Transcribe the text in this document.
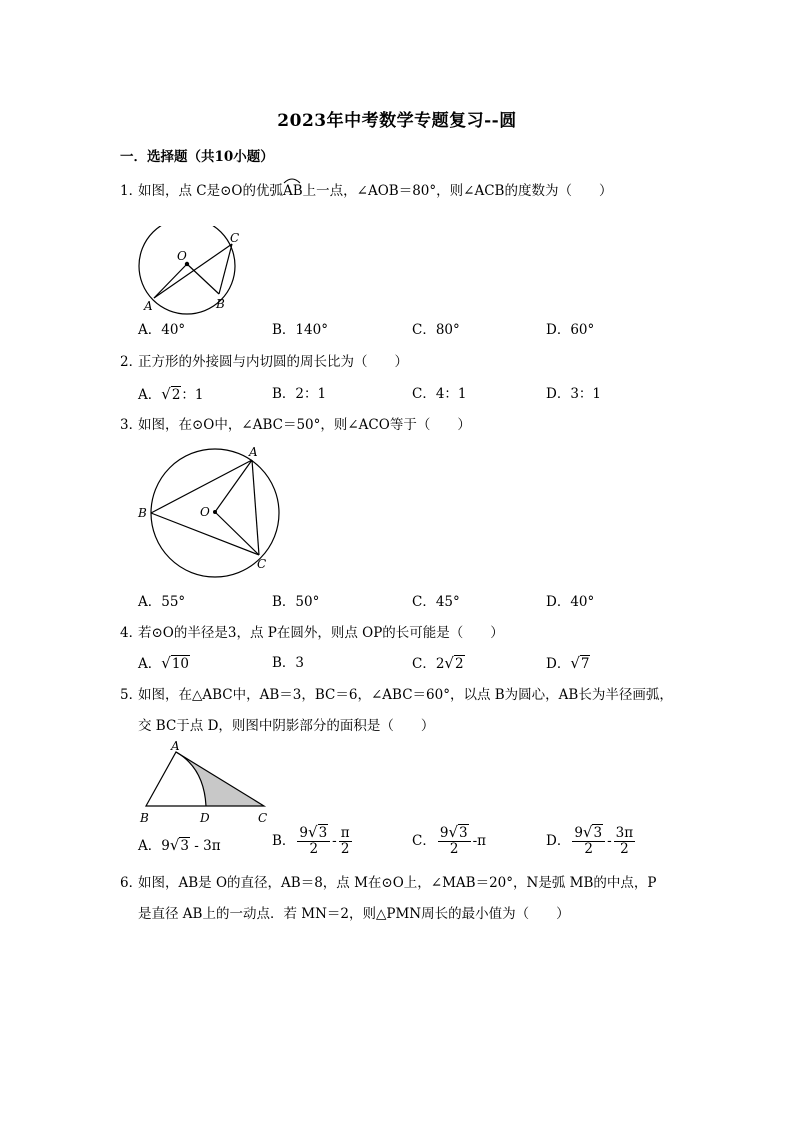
2023年中考数学专题复习--圆
一．选择题（共10小题）
1．如图，点 C是⊙O的优弧
AB上一点，∠AOB＝80°，则∠ACB的度数为（　　）
O
C
A	B
A．40°	B．140°	C．80°	D．60°
2．正方形的外接圆与内切圆的周长比为（　　）
A．√2：1	B．2：1	C．4：1	D．3：1
3．如图，在⊙O中，∠ABC＝50°，则∠ACO等于（　　）
A
B	O
C
A．55°	B．50°	C．45°	D．40°
4．若⊙O的半径是3，点 P在圆外，则点 OP的长可能是（　　）
A．√10	B．3	C．2√2	D．√7
5．如图，在△ABC中，AB＝3，BC＝6，∠ABC＝60°，以点 B为圆心，AB长为半径画弧，
交 BC于点 D，则图中阴影部分的面积是（　　）
A
B	D	C
A．9√3 - 3π	B． $\frac{9√3}{2} - \frac{\pi}{2}$	C． $\frac{9√3}{2} -\pi$	D． $\frac{9√3}{2} - \frac{3\pi}{2}$
6．如图，AB是 O的直径，AB＝8，点 M在⊙O上，∠MAB＝20°，N是弧 MB的中点，P
是直径 AB上的一动点．若 MN＝2，则△PMN周长的最小值为（　　）
